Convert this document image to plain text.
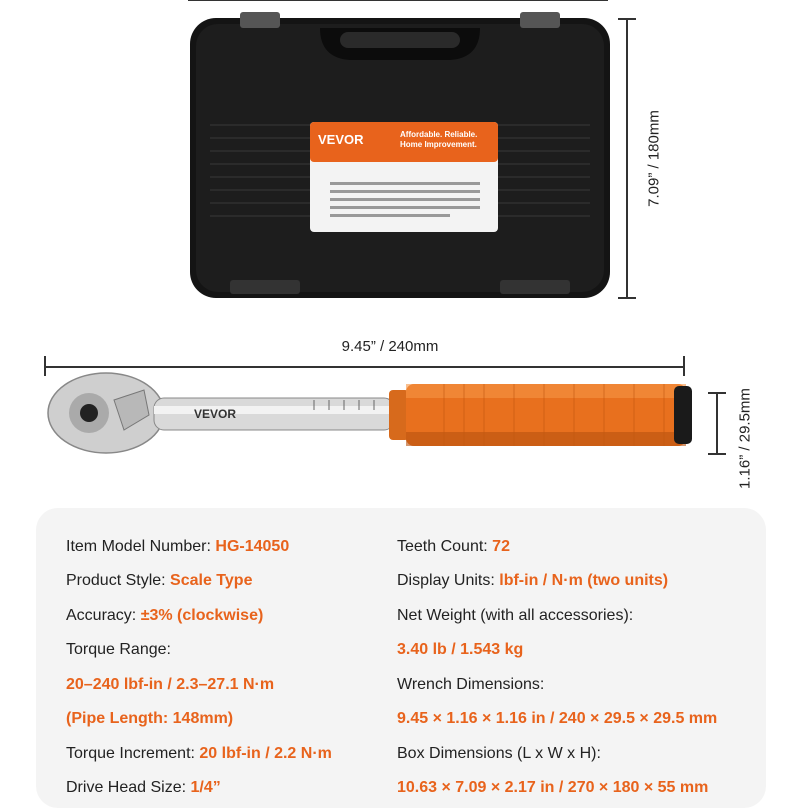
VEVOR	Affordable. Reliable.
Home Improvement.	7.09” / 180mm
9.45” / 240mm
VEVOR	1.16” / 29.5mm
Item Model Number: HG-14050
Product Style: Scale Type
Accuracy: ±3% (clockwise)
Torque Range:
20–240 lbf-in / 2.3–27.1 N·m
(Pipe Length: 148mm)
Torque Increment: 20 lbf-in / 2.2 N·m
Drive Head Size: 1/4”
Teeth Count: 72
Display Units: lbf-in / N·m (two units)
Net Weight (with all accessories):
3.40 lb / 1.543 kg
Wrench Dimensions:
9.45 × 1.16 × 1.16 in / 240 × 29.5 × 29.5 mm
Box Dimensions (L x W x H):
10.63 × 7.09 × 2.17 in / 270 × 180 × 55 mm
